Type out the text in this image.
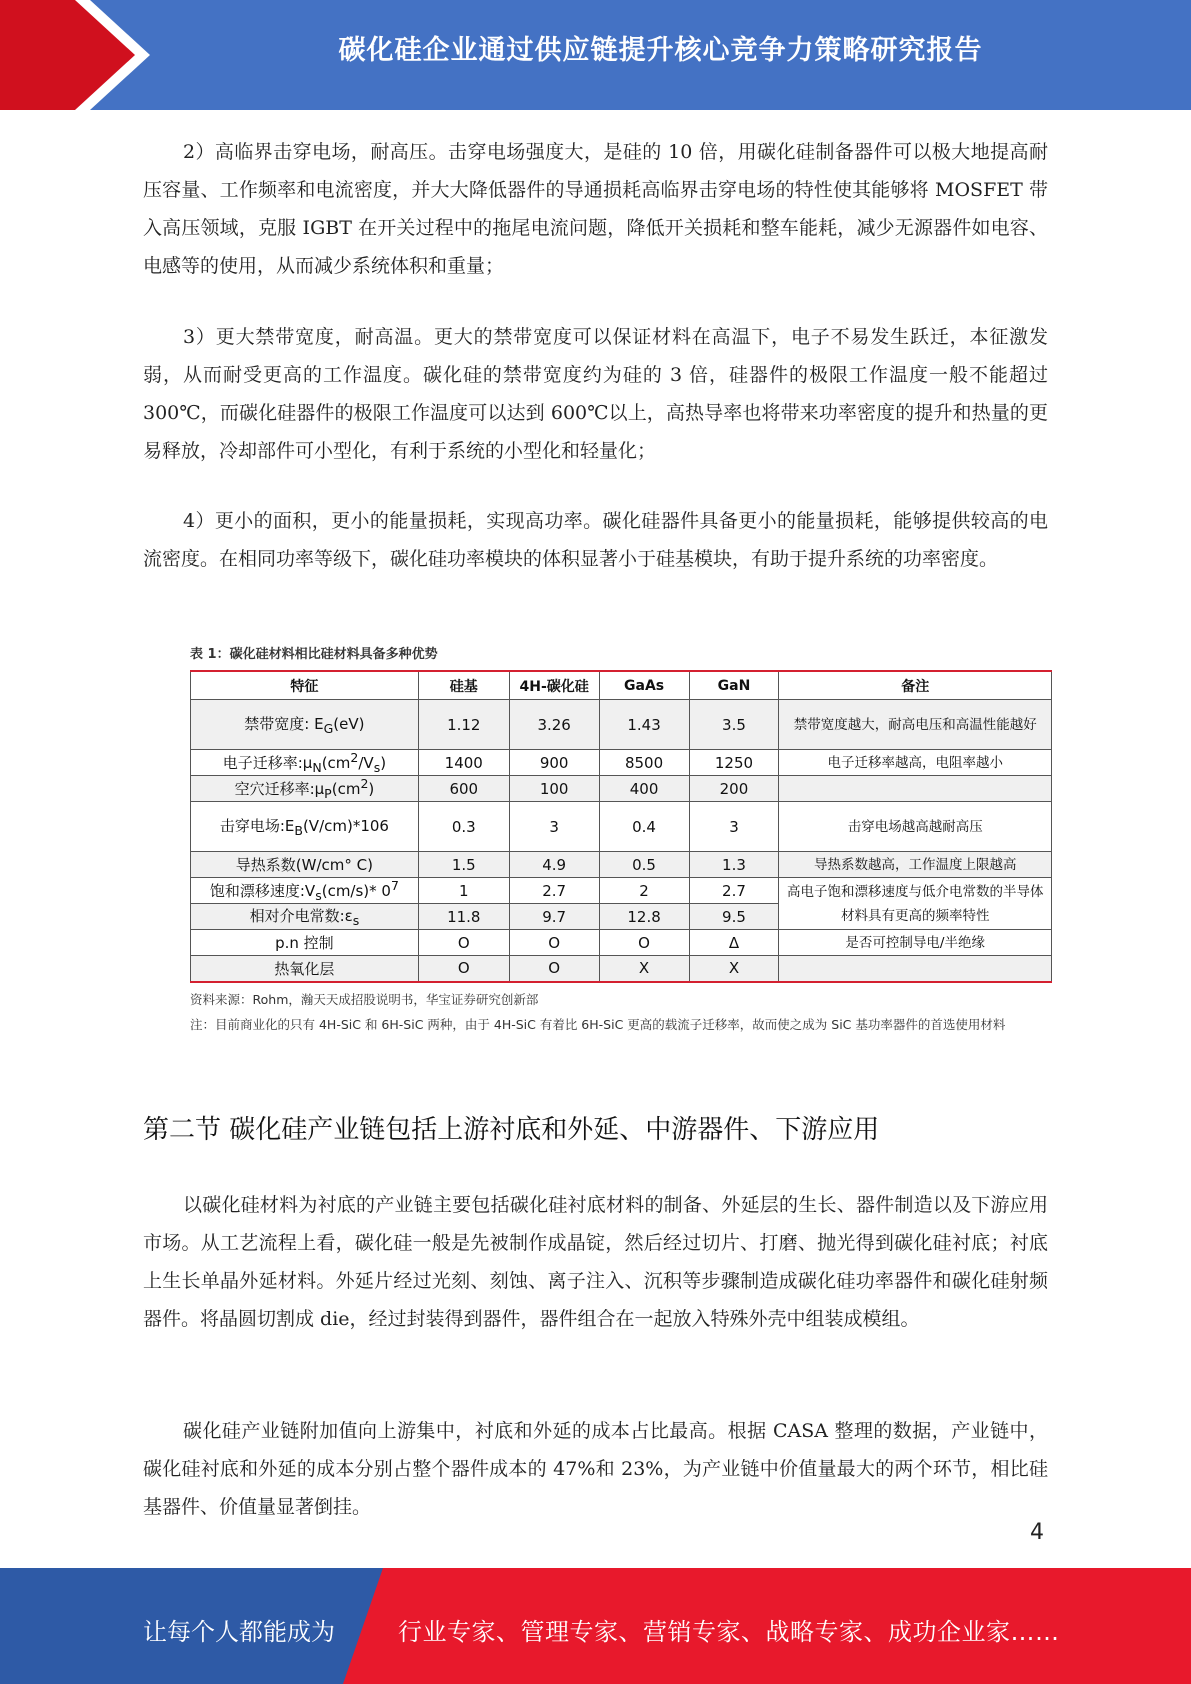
碳化硅企业通过供应链提升核心竞争力策略研究报告

2）高临界击穿电场，耐高压。击穿电场强度大，是硅的 10 倍，用碳化硅制备器件可以极大地提高耐压容量、工作频率和电流密度，并大大降低器件的导通损耗高临界击穿电场的特性使其能够将 MOSFET 带入高压领域，克服 IGBT 在开关过程中的拖尾电流问题，降低开关损耗和整车能耗，减少无源器件如电容、电感等的使用，从而减少系统体积和重量；

3）更大禁带宽度，耐高温。更大的禁带宽度可以保证材料在高温下，电子不易发生跃迁，本征激发弱，从而耐受更高的工作温度。碳化硅的禁带宽度约为硅的 3 倍，硅器件的极限工作温度一般不能超过 300℃，而碳化硅器件的极限工作温度可以达到 600℃以上，高热导率也将带来功率密度的提升和热量的更易释放，冷却部件可小型化，有利于系统的小型化和轻量化；

4）更小的面积，更小的能量损耗，实现高功率。碳化硅器件具备更小的能量损耗，能够提供较高的电流密度。在相同功率等级下，碳化硅功率模块的体积显著小于硅基模块，有助于提升系统的功率密度。

表 1：碳化硅材料相比硅材料具备多种优势
特征	硅基	4H-碳化硅	GaAs	GaN	备注
禁带宽度: $E_G(eV)$	1.12	3.26	1.43	3.5	禁带宽度越大，耐高电压和高温性能越好
电子迁移率$:\mu_N(cm^2/V_s)$	1400	900	8500	1250	电子迁移率越高，电阻率越小
空穴迁移率$:\mu_P(cm^2)$	600	100	400	200	
击穿电场$:E_B(V/cm)*106$	0.3	3	0.4	3	击穿电场越高越耐高压
导热系数(W/cm° C)	1.5	4.9	0.5	1.3	导热系数越高，工作温度上限越高
饱和漂移速度$:V_s(cm/s)*$ $0^7$	1	2.7	2	2.7	高电子饱和漂移速度与低介电常数的半导体材料具有更高的频率特性
相对介电常数$:\varepsilon_s$	11.8	9.7	12.8	9.5	
p.n 控制	O	O	O	Δ	是否可控制导电/半绝缘
热氧化层	O	O	X	X	
资料来源：Rohm，瀚天天成招股说明书，华宝证券研究创新部
注：目前商业化的只有 4H-SiC 和 6H-SiC 两种，由于 4H-SiC 有着比 6H-SiC 更高的载流子迁移率，故而使之成为 SiC 基功率器件的首选使用材料
第二节 碳化硅产业链包括上游衬底和外延、中游器件、下游应用

以碳化硅材料为衬底的产业链主要包括碳化硅衬底材料的制备、外延层的生长、器件制造以及下游应用市场。从工艺流程上看，碳化硅一般是先被制作成晶锭，然后经过切片、打磨、抛光得到碳化硅衬底；衬底上生长单晶外延材料。外延片经过光刻、刻蚀、离子注入、沉积等步骤制造成碳化硅功率器件和碳化硅射频器件。将晶圆切割成 die，经过封装得到器件，器件组合在一起放入特殊外壳中组装成模组。

碳化硅产业链附加值向上游集中，衬底和外延的成本占比最高。根据 CASA 整理的数据，产业链中，碳化硅衬底和外延的成本分别占整个器件成本的 47%和 23%，为产业链中价值量最大的两个环节，相比硅基器件、价值量显著倒挂。

4
让每个人都能成为	行业专家、管理专家、营销专家、战略专家、成功企业家……
